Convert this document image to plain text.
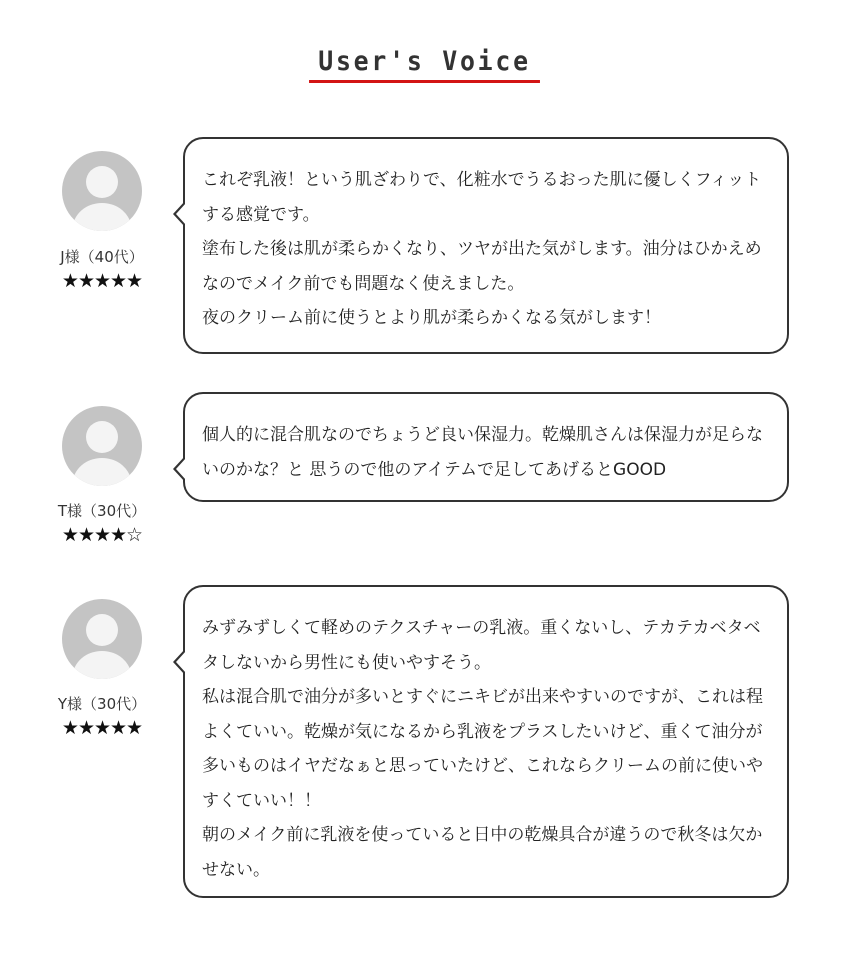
User's Voice
J様（40代）
★★★★★

これぞ乳液！という肌ざわりで、化粧水でうるおった肌に優しくフィットする感覚です。

塗布した後は肌が柔らかくなり、ツヤが出た気がします。油分はひかえめなのでメイク前でも問題なく使えました。

夜のクリーム前に使うとより肌が柔らかくなる気がします！

T様（30代）
★★★★☆

個人的に混合肌なのでちょうど良い保湿力。乾燥肌さんは保湿力が足らないのかな？と 思うので他のアイテムで足してあげるとGOOD

Y様（30代）
★★★★★

みずみずしくて軽めのテクスチャーの乳液。重くないし、テカテカベタベタしないから男性にも使いやすそう。

私は混合肌で油分が多いとすぐにニキビが出来やすいのですが、これは程よくていい。乾燥が気になるから乳液をプラスしたいけど、重くて油分が多いものはイヤだなぁと思っていたけど、これならクリームの前に使いやすくていい！！

朝のメイク前に乳液を使っていると日中の乾燥具合が違うので秋冬は欠かせない。
